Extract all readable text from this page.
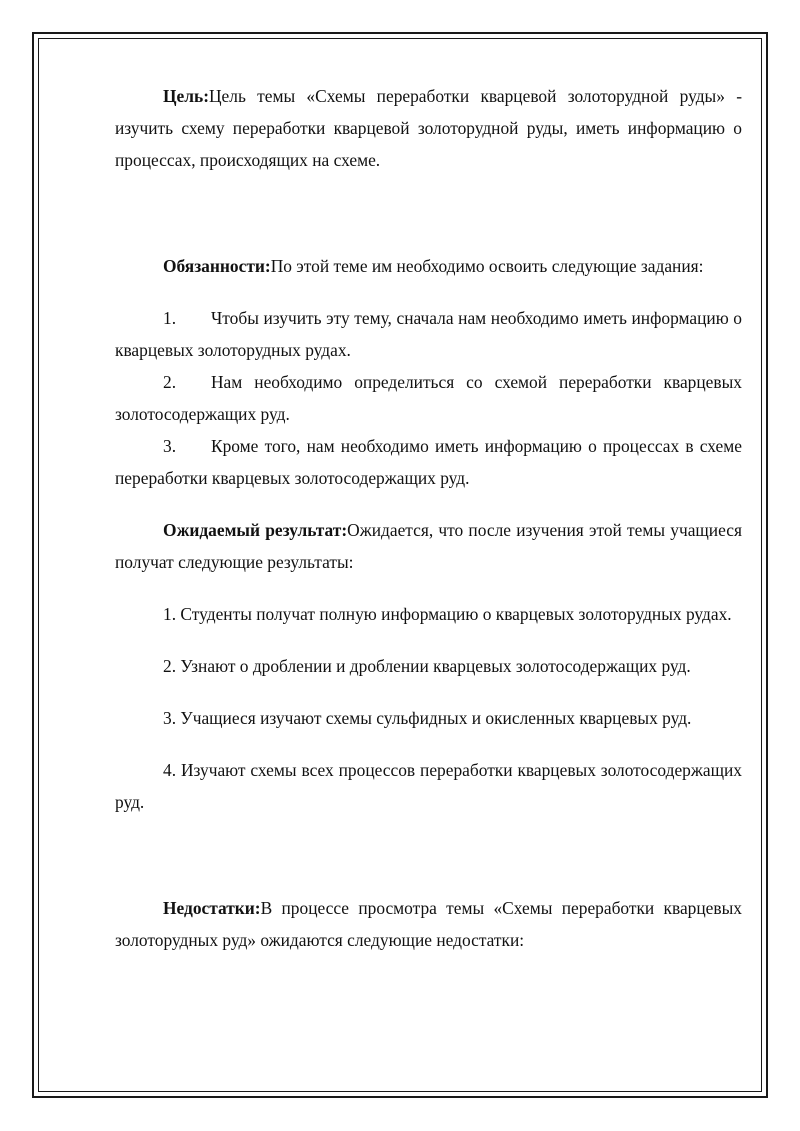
Цель:Цель темы «Схемы переработки кварцевой золоторудной руды» - изучить схему переработки кварцевой золоторудной руды, иметь информацию о процессах, происходящих на схеме.

Обязанности:По этой теме им необходимо освоить следующие задания:

1. Чтобы изучить эту тему, сначала нам необходимо иметь информацию о кварцевых золоторудных рудах.

2. Нам необходимо определиться со схемой переработки кварцевых золотосодержащих руд.

3. Кроме того, нам необходимо иметь информацию о процессах в схеме переработки кварцевых золотосодержащих руд.

Ожидаемый результат:Ожидается, что после изучения этой темы учащиеся получат следующие результаты:

1. Студенты получат полную информацию о кварцевых золоторудных рудах.

2. Узнают о дроблении и дроблении кварцевых золотосодержащих руд.

3. Учащиеся изучают схемы сульфидных и окисленных кварцевых руд.

4. Изучают схемы всех процессов переработки кварцевых золотосодержащих руд.

Недостатки:В процессе просмотра темы «Схемы переработки кварцевых золоторудных руд» ожидаются следующие недостатки:
